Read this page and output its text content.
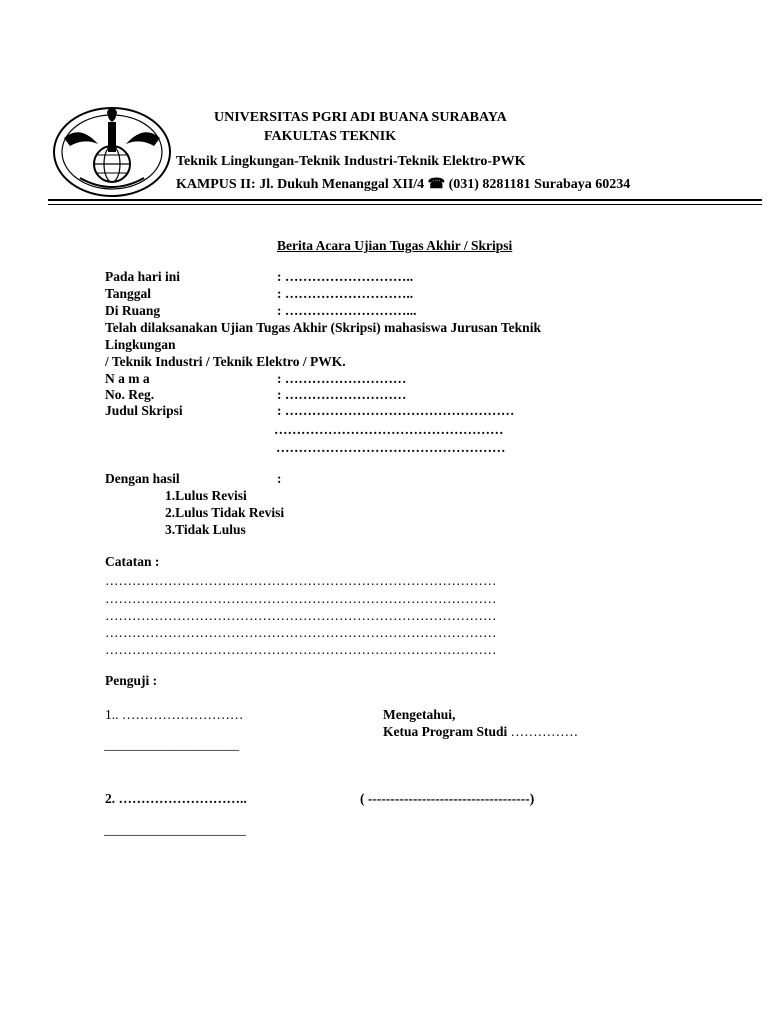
UNIVERSITAS PGRI ADI BUANA SURABAYA
FAKULTAS TEKNIK
Teknik Lingkungan-Teknik Industri-Teknik Elektro-PWK
KAMPUS II: Jl. Dukuh Menanggal XII/4 ☎ (031) 8281181 Surabaya 60234
Berita Acara Ujian Tugas Akhir / Skripsi
Pada hari ini	: ………………………..
Tanggal	: ………………………..
Di Ruang	: ………………………...
Telah dilaksanakan Ujian Tugas Akhir (Skripsi) mahasiswa Jurusan Teknik
Lingkungan
/ Teknik Industri / Teknik Elektro / PWK.
N a m a	: ………………………
No. Reg.	: ………………………
Judul Skripsi	: ……………………………………………
……………………………………………
……………………………………………
Dengan hasil	:
1.Lulus Revisi
2.Lulus Tidak Revisi
3.Tidak Lulus
Catatan :
……………………………………………………………………………
……………………………………………………………………………
……………………………………………………………………………
……………………………………………………………………………
……………………………………………………………………………
Penguji :
1.. ………………………
____________________
Mengetahui,
Ketua Program Studi ……………
2. ………………………..	( ------------------------------------)
_____________________
